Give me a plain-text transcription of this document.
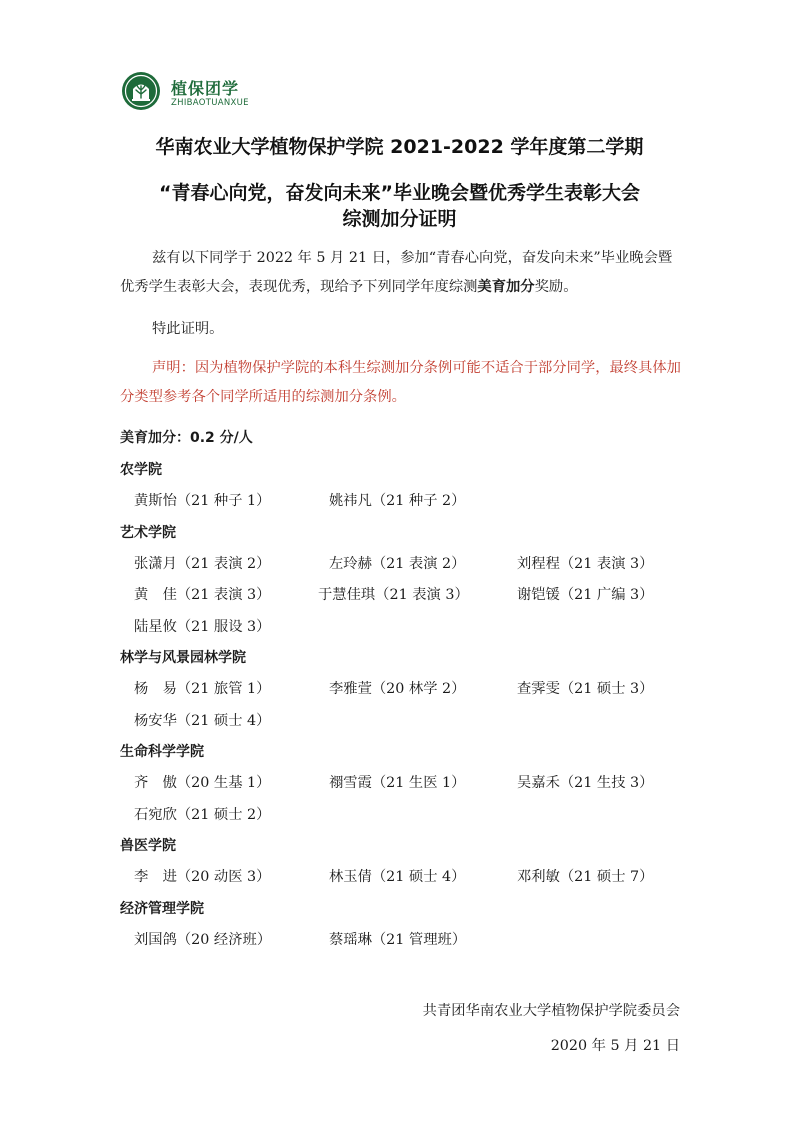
植保团学
ZHIBAOTUANXUE
华南农业大学植物保护学院 2021-2022 学年度第二学期
“青春心向党，奋发向未来”毕业晚会暨优秀学生表彰大会
综测加分证明
兹有以下同学于 2022 年 5 月 21 日，参加“青春心向党，奋发向未来”毕业晚会暨优秀学生表彰大会，表现优秀，现给予下列同学年度综测美育加分奖励。
特此证明。
声明：因为植物保护学院的本科生综测加分条例可能不适合于部分同学，最终具体加分类型参考各个同学所适用的综测加分条例。
美育加分：0.2 分/人
农学院
黄斯怡（21 种子 1）	姚祎凡（21 种子 2）
艺术学院
张潇月（21 表演 2）	左玲赫（21 表演 2）	刘程程（21 表演 3）
黄　佳（21 表演 3）	于慧佳琪（21 表演 3）	谢铠锾（21 广编 3）
陆星攸（21 服设 3）
林学与风景园林学院
杨　易（21 旅管 1）	李雅萱（20 林学 2）	查霁雯（21 硕士 3）
杨安华（21 硕士 4）
生命科学学院
齐　傲（20 生基 1）	禤雪霞（21 生医 1）	吴嘉禾（21 生技 3）
石宛欣（21 硕士 2）
兽医学院
李　进（20 动医 3）	林玉倩（21 硕士 4）	邓利敏（21 硕士 7）
经济管理学院
刘国鸽（20 经济班）	蔡瑶琳（21 管理班）
共青团华南农业大学植物保护学院委员会
2020 年 5 月 21 日
